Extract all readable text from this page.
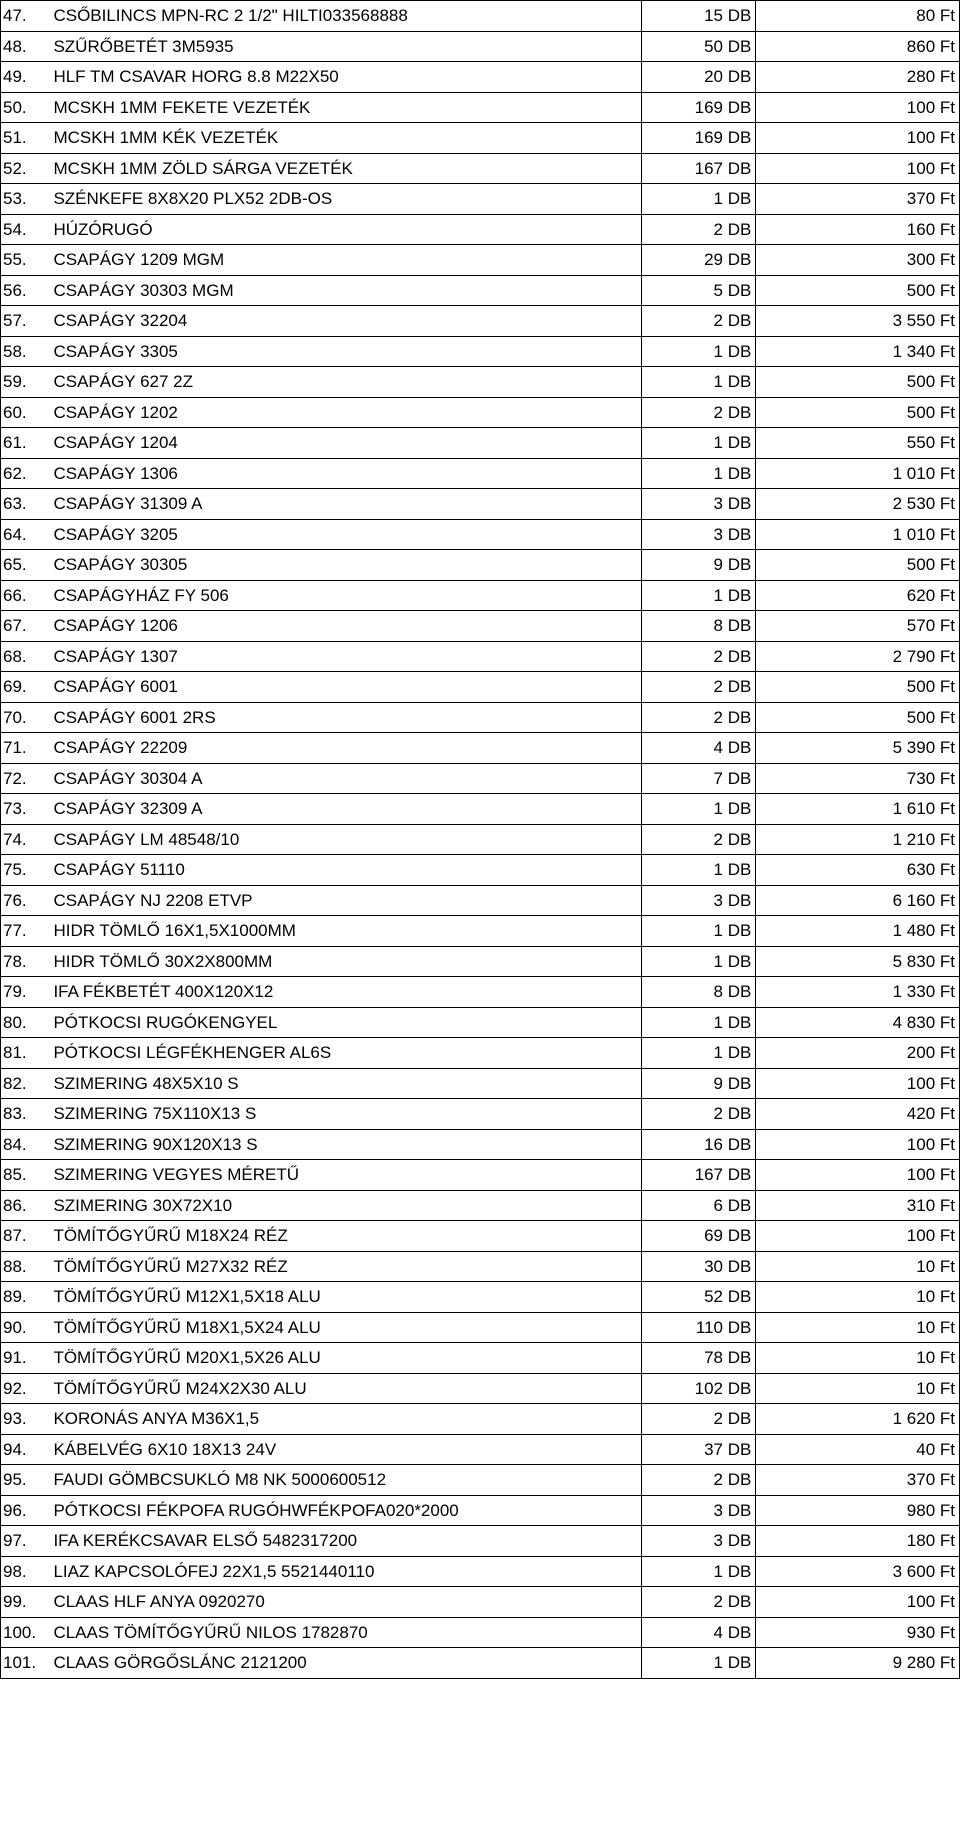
47.	CSŐBILINCS MPN-RC 2 1/2" HILTI033568888	15 DB	80 Ft
48.	SZŰRŐBETÉT 3M5935	50 DB	860 Ft
49.	HLF TM CSAVAR HORG 8.8 M22X50	20 DB	280 Ft
50.	MCSKH 1MM FEKETE VEZETÉK	169 DB	100 Ft
51.	MCSKH 1MM KÉK VEZETÉK	169 DB	100 Ft
52.	MCSKH 1MM ZÖLD SÁRGA VEZETÉK	167 DB	100 Ft
53.	SZÉNKEFE 8X8X20 PLX52 2DB-OS	1 DB	370 Ft
54.	HÚZÓRUGÓ	2 DB	160 Ft
55.	CSAPÁGY 1209 MGM	29 DB	300 Ft
56.	CSAPÁGY 30303 MGM	5 DB	500 Ft
57.	CSAPÁGY 32204	2 DB	3 550 Ft
58.	CSAPÁGY 3305	1 DB	1 340 Ft
59.	CSAPÁGY 627 2Z	1 DB	500 Ft
60.	CSAPÁGY 1202	2 DB	500 Ft
61.	CSAPÁGY 1204	1 DB	550 Ft
62.	CSAPÁGY 1306	1 DB	1 010 Ft
63.	CSAPÁGY 31309 A	3 DB	2 530 Ft
64.	CSAPÁGY 3205	3 DB	1 010 Ft
65.	CSAPÁGY 30305	9 DB	500 Ft
66.	CSAPÁGYHÁZ FY 506	1 DB	620 Ft
67.	CSAPÁGY 1206	8 DB	570 Ft
68.	CSAPÁGY 1307	2 DB	2 790 Ft
69.	CSAPÁGY 6001	2 DB	500 Ft
70.	CSAPÁGY 6001 2RS	2 DB	500 Ft
71.	CSAPÁGY 22209	4 DB	5 390 Ft
72.	CSAPÁGY 30304 A	7 DB	730 Ft
73.	CSAPÁGY 32309 A	1 DB	1 610 Ft
74.	CSAPÁGY LM 48548/10	2 DB	1 210 Ft
75.	CSAPÁGY 51110	1 DB	630 Ft
76.	CSAPÁGY NJ 2208 ETVP	3 DB	6 160 Ft
77.	HIDR TÖMLŐ 16X1,5X1000MM	1 DB	1 480 Ft
78.	HIDR TÖMLŐ 30X2X800MM	1 DB	5 830 Ft
79.	IFA FÉKBETÉT 400X120X12	8 DB	1 330 Ft
80.	PÓTKOCSI RUGÓKENGYEL	1 DB	4 830 Ft
81.	PÓTKOCSI LÉGFÉKHENGER AL6S	1 DB	200 Ft
82.	SZIMERING 48X5X10 S	9 DB	100 Ft
83.	SZIMERING 75X110X13 S	2 DB	420 Ft
84.	SZIMERING 90X120X13 S	16 DB	100 Ft
85.	SZIMERING VEGYES MÉRETŰ	167 DB	100 Ft
86.	SZIMERING 30X72X10	6 DB	310 Ft
87.	TÖMÍTŐGYŰRŰ M18X24 RÉZ	69 DB	100 Ft
88.	TÖMÍTŐGYŰRŰ M27X32 RÉZ	30 DB	10 Ft
89.	TÖMÍTŐGYŰRŰ M12X1,5X18 ALU	52 DB	10 Ft
90.	TÖMÍTŐGYŰRŰ M18X1,5X24 ALU	110 DB	10 Ft
91.	TÖMÍTŐGYŰRŰ M20X1,5X26 ALU	78 DB	10 Ft
92.	TÖMÍTŐGYŰRŰ M24X2X30 ALU	102 DB	10 Ft
93.	KORONÁS ANYA M36X1,5	2 DB	1 620 Ft
94.	KÁBELVÉG 6X10 18X13 24V	37 DB	40 Ft
95.	FAUDI GÖMBCSUKLÓ M8 NK 5000600512	2 DB	370 Ft
96.	PÓTKOCSI FÉKPOFA RUGÓHWFÉKPOFA020*2000	3 DB	980 Ft
97.	IFA KERÉKCSAVAR ELSŐ 5482317200	3 DB	180 Ft
98.	LIAZ KAPCSOLÓFEJ 22X1,5 5521440110	1 DB	3 600 Ft
99.	CLAAS HLF ANYA 0920270	2 DB	100 Ft
100.	CLAAS TÖMÍTŐGYŰRŰ NILOS 1782870	4 DB	930 Ft
101.	CLAAS GÖRGŐSLÁNC 2121200	1 DB	9 280 Ft
